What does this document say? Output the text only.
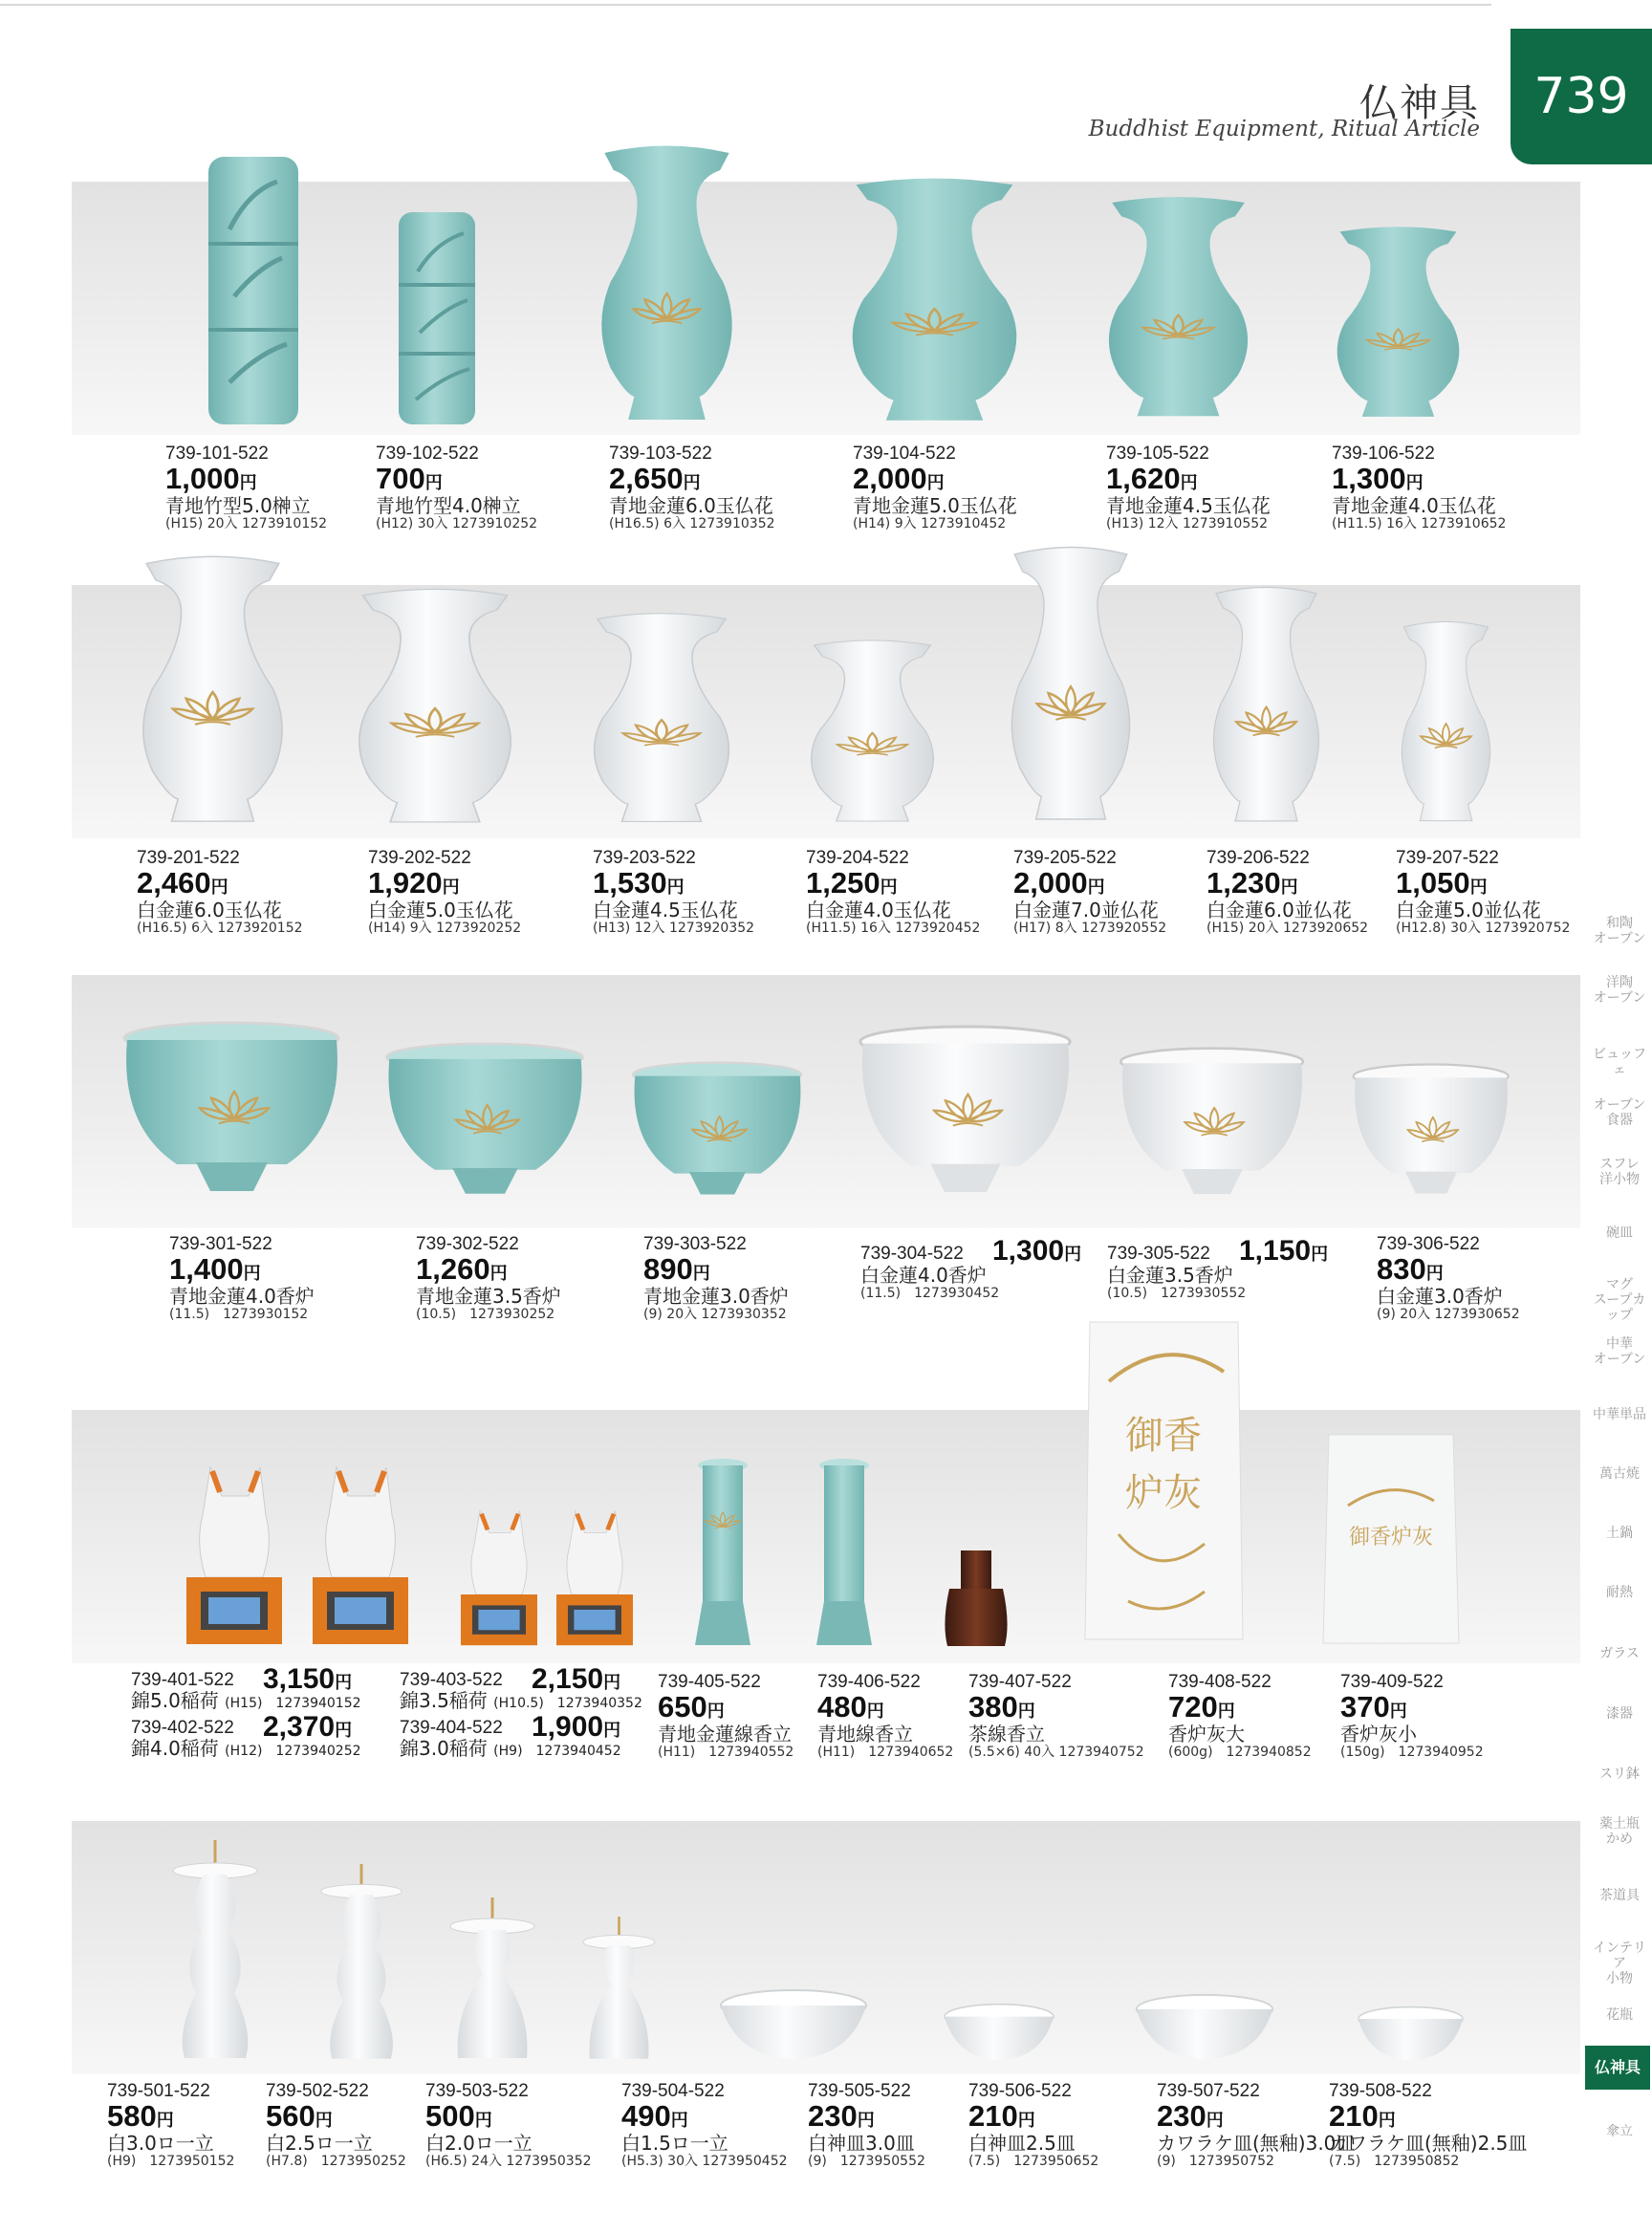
仏神具
Buddhist Equipment, Ritual Article
739
御香
炉灰
御香炉灰
739-101-522
1,000円
青地竹型5.0榊立
(H15) 20入 1273910152
739-102-522
700円
青地竹型4.0榊立
(H12) 30入 1273910252
739-103-522
2,650円
青地金蓮6.0玉仏花
(H16.5) 6入 1273910352
739-104-522
2,000円
青地金蓮5.0玉仏花
(H14) 9入 1273910452
739-105-522
1,620円
青地金蓮4.5玉仏花
(H13) 12入 1273910552
739-106-522
1,300円
青地金蓮4.0玉仏花
(H11.5) 16入 1273910652
739-201-522
2,460円
白金蓮6.0玉仏花
(H16.5) 6入 1273920152
739-202-522
1,920円
白金蓮5.0玉仏花
(H14) 9入 1273920252
739-203-522
1,530円
白金蓮4.5玉仏花
(H13) 12入 1273920352
739-204-522
1,250円
白金蓮4.0玉仏花
(H11.5) 16入 1273920452
739-205-522
2,000円
白金蓮7.0並仏花
(H17) 8入 1273920552
739-206-522
1,230円
白金蓮6.0並仏花
(H15) 20入 1273920652
739-207-522
1,050円
白金蓮5.0並仏花
(H12.8) 30入 1273920752
739-301-522
1,400円
青地金蓮4.0香炉
(11.5)　1273930152
739-302-522
1,260円
青地金蓮3.5香炉
(10.5)　1273930252
739-303-522
890円
青地金蓮3.0香炉
(9) 20入 1273930352
739-304-522
白金蓮4.0香炉
(11.5)　1273930452
1,300円 739-305-522
白金蓮3.5香炉
(10.5)　1273930552
1,150円	739-306-522
830円
白金蓮3.0香炉
(9) 20入 1273930652
739-401-522
錦5.0稲荷 (H15)　1273940152
3,150円
739-402-522
錦4.0稲荷 (H12)　1273940252
2,370円
739-403-522
錦3.5稲荷 (H10.5)　1273940352
2,150円
739-404-522
錦3.0稲荷 (H9)　1273940452
1,900円
739-405-522
650円
青地金蓮線香立
(H11)　1273940552
739-406-522
480円
青地線香立
(H11)　1273940652
739-407-522
380円
茶線香立
(5.5×6) 40入 1273940752
739-408-522
720円
香炉灰大
(600g)　1273940852
739-409-522
370円
香炉灰小
(150g)　1273940952
739-501-522
580円
白3.0ロ一立
(H9)　1273950152
739-502-522
560円
白2.5ロ一立
(H7.8)　1273950252
739-503-522
500円
白2.0ロ一立
(H6.5) 24入 1273950352
739-504-522
490円
白1.5ロ一立
(H5.3) 30入 1273950452
739-505-522
230円
白神皿3.0皿
(9)　1273950552
739-506-522
210円
白神皿2.5皿
(7.5)　1273950652
739-507-522
230円
カワラケ皿(無釉)3.0皿
(9)　1273950752
739-508-522
210円
カワラケ皿(無釉)2.5皿
(7.5)　1273950852
和陶
オーブン
洋陶
オーブン
ビュッフェ
オーブン
食器
スフレ
洋小物
碗皿
マグ
スープカップ
中華
オーブン
中華単品
萬古焼
土鍋
耐熱
ガラス
漆器
スリ鉢
薬土瓶
かめ
茶道具
インテリア
小物
花瓶
仏神具
傘立
